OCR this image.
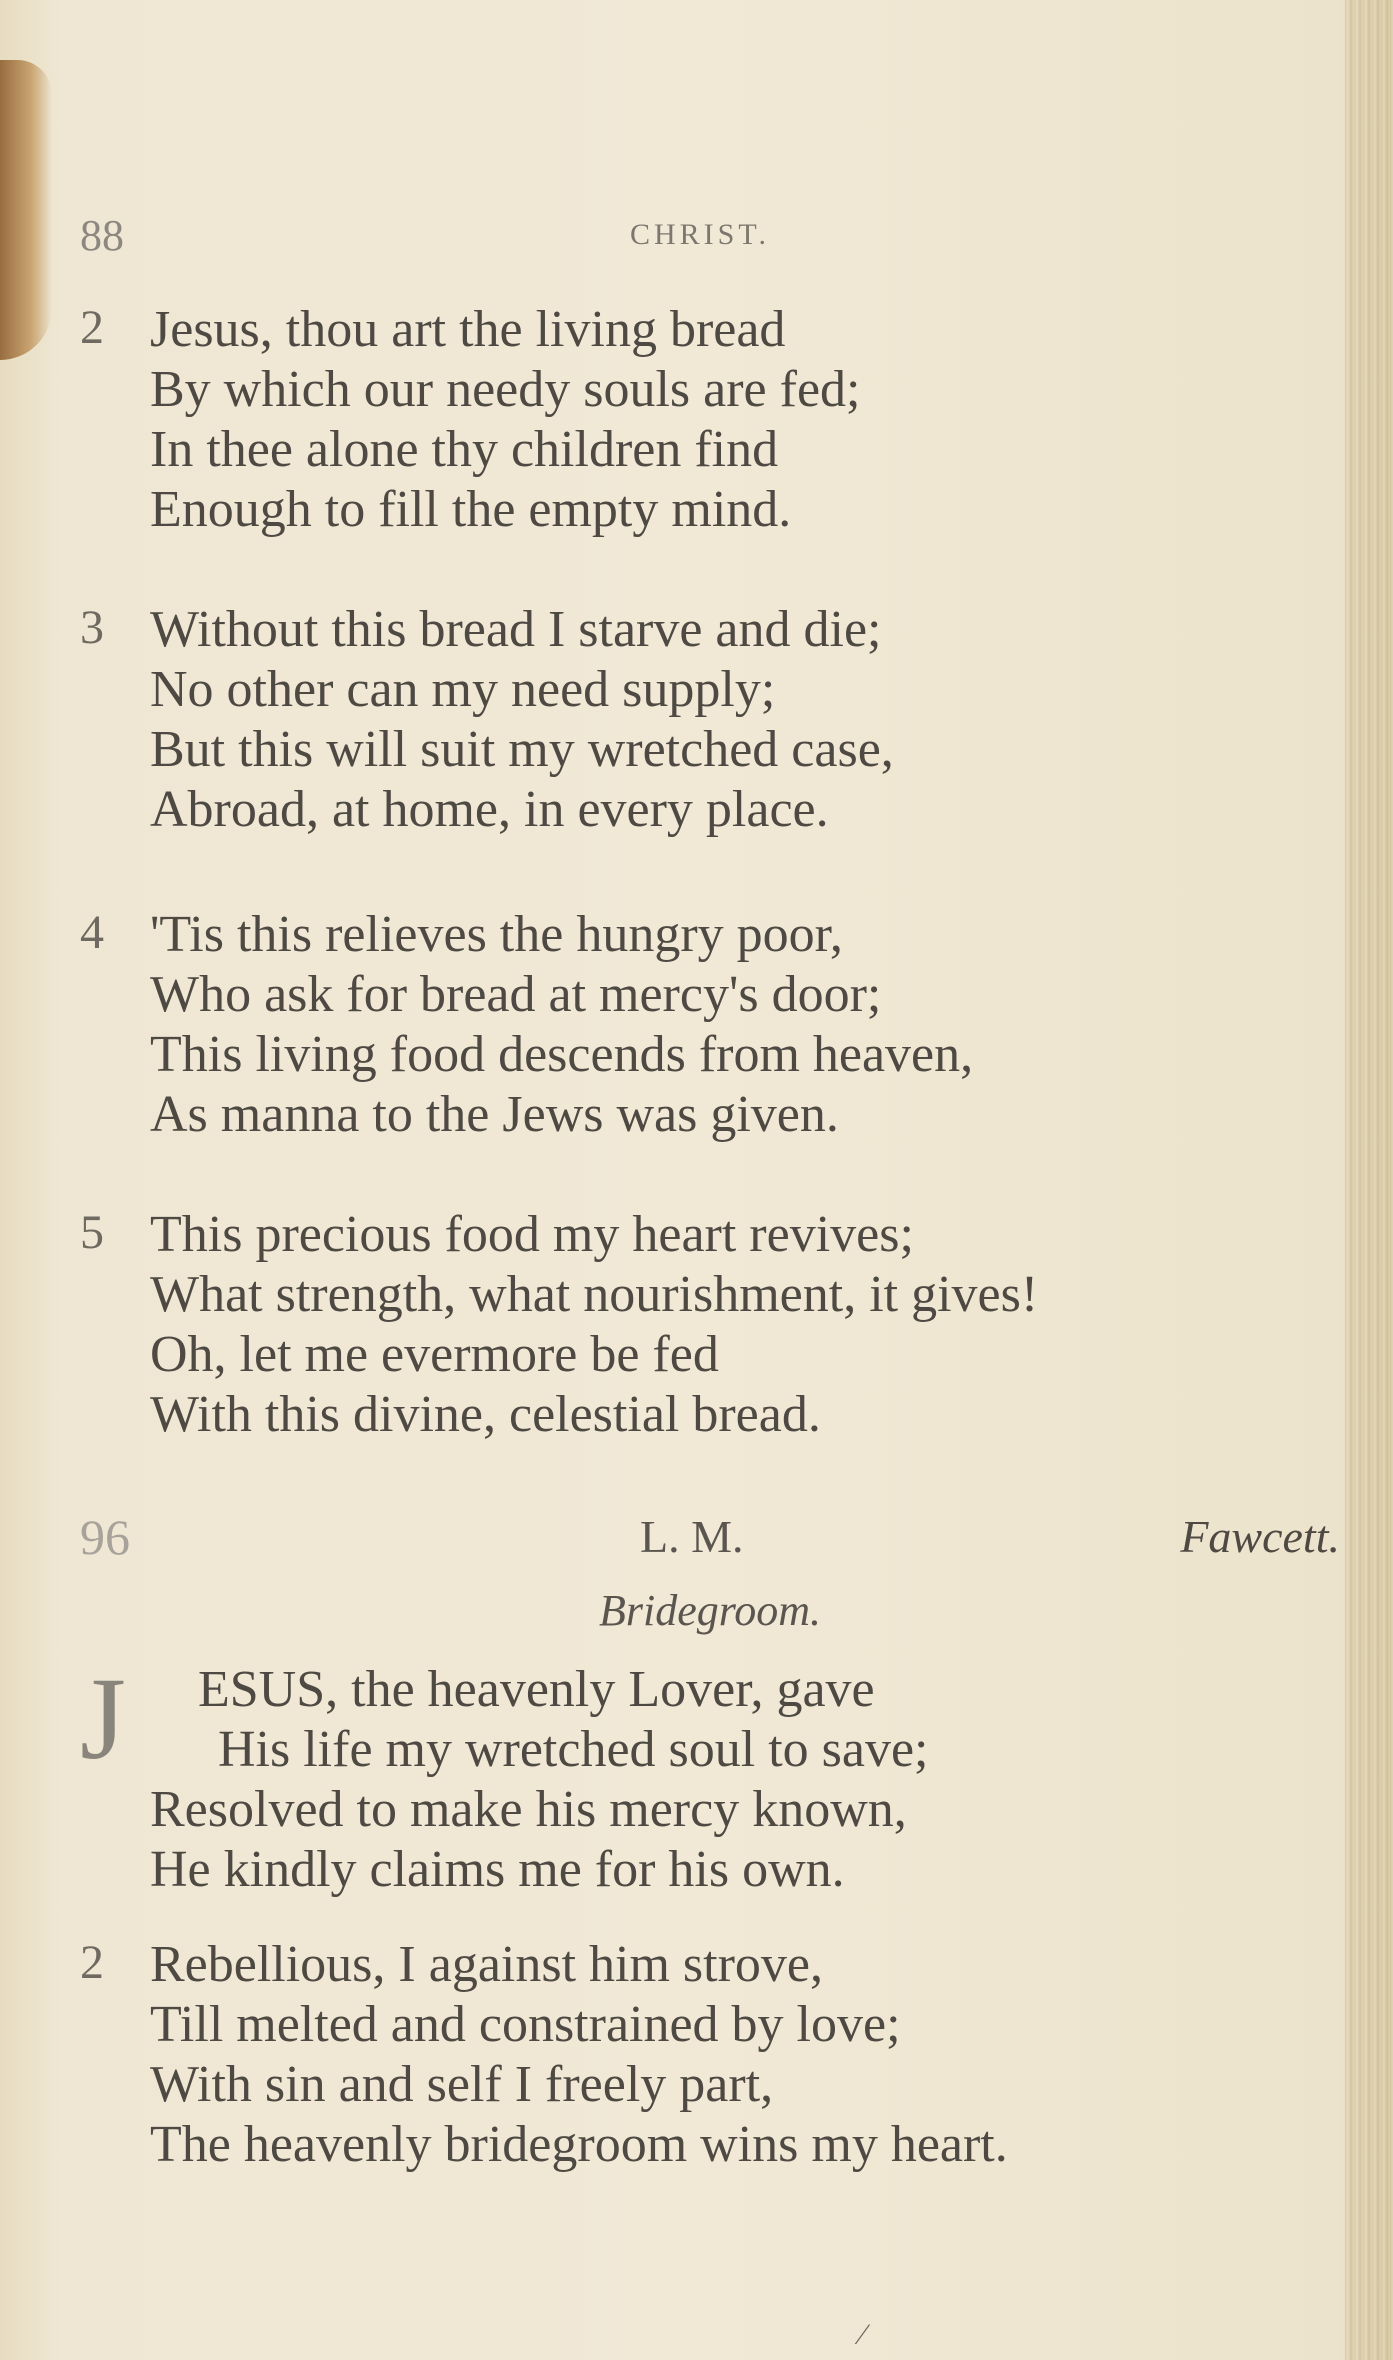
88	CHRIST.
2 Jesus, thou art the living bread
By which our needy souls are fed;
In thee alone thy children find
Enough to fill the empty mind.
3 Without this bread I starve and die;
No other can my need supply;
But this will suit my wretched case,
Abroad, at home, in every place.
4 'Tis this relieves the hungry poor,
Who ask for bread at mercy's door;
This living food descends from heaven,
As manna to the Jews was given.
5 This precious food my heart revives;
What strength, what nourishment, it gives!
Oh, let me evermore be fed
With this divine, celestial bread.
96	L. M.	Fawcett.
Bridegroom.
J ESUS, the heavenly Lover, gave
His life my wretched soul to save;
Resolved to make his mercy known,
He kindly claims me for his own.
2 Rebellious, I against him strove,
Till melted and constrained by love;
With sin and self I freely part,
The heavenly bridegroom wins my heart.
⁄
